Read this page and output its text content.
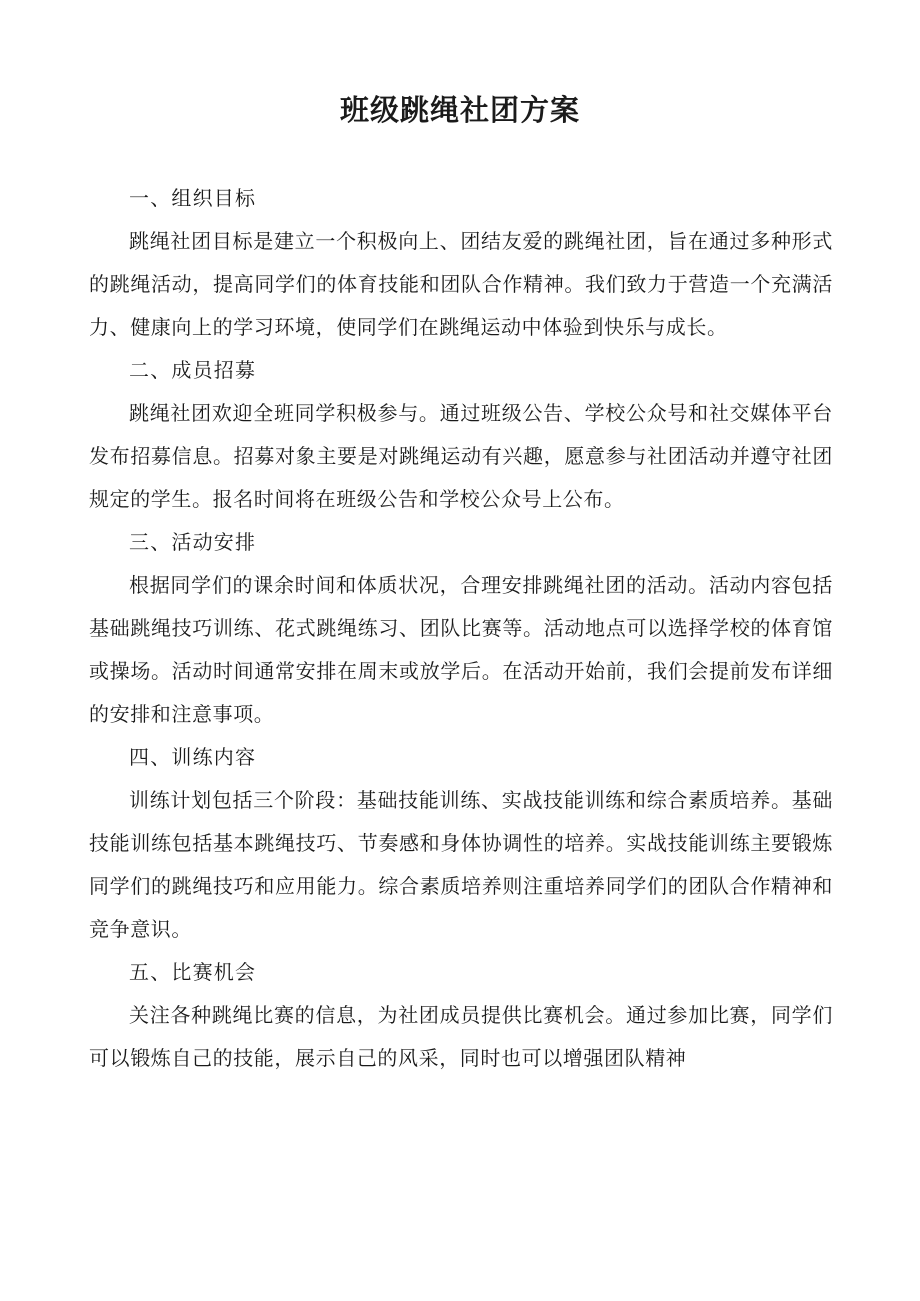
班级跳绳社团方案

一、组织目标

跳绳社团目标是建立一个积极向上、团结友爱的跳绳社团，旨在通过多种形式的跳绳活动，提高同学们的体育技能和团队合作精神。我们致力于营造一个充满活力、健康向上的学习环境，使同学们在跳绳运动中体验到快乐与成长。

二、成员招募

跳绳社团欢迎全班同学积极参与。通过班级公告、学校公众号和社交媒体平台发布招募信息。招募对象主要是对跳绳运动有兴趣，愿意参与社团活动并遵守社团规定的学生。报名时间将在班级公告和学校公众号上公布。

三、活动安排

根据同学们的课余时间和体质状况，合理安排跳绳社团的活动。活动内容包括基础跳绳技巧训练、花式跳绳练习、团队比赛等。活动地点可以选择学校的体育馆或操场。活动时间通常安排在周末或放学后。在活动开始前，我们会提前发布详细的安排和注意事项。

四、训练内容

训练计划包括三个阶段：基础技能训练、实战技能训练和综合素质培养。基础技能训练包括基本跳绳技巧、节奏感和身体协调性的培养。实战技能训练主要锻炼同学们的跳绳技巧和应用能力。综合素质培养则注重培养同学们的团队合作精神和竞争意识。

五、比赛机会

关注各种跳绳比赛的信息，为社团成员提供比赛机会。通过参加比赛，同学们可以锻炼自己的技能，展示自己的风采，同时也可以增强团队精神
